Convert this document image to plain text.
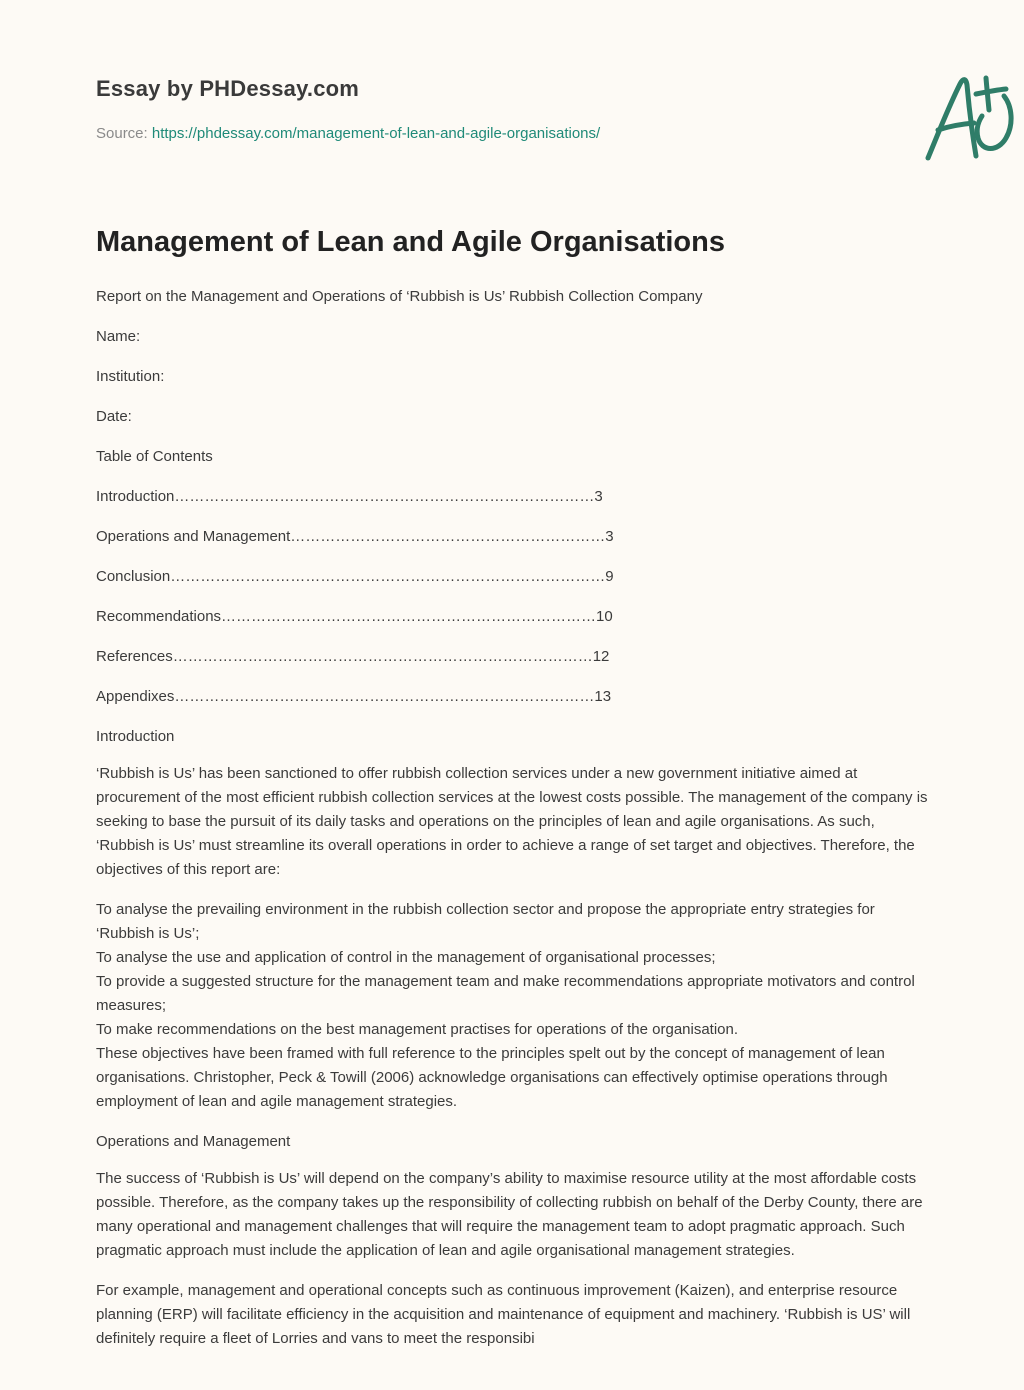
Essay by PHDessay.com
Source: https://phdessay.com/management-of-lean-and-agile-organisations/
Management of Lean and Agile Organisations

Report on the Management and Operations of ‘Rubbish is Us’ Rubbish Collection Company

Name:

Institution:

Date:

Table of Contents

Introduction…………………………………………………………………………3

Operations and Management………………………………………………………3

Conclusion……………………………………………………………………………9

Recommendations…………………………………………………………………10

References…………………………………………………………………………12

Appendixes…………………………………………………………………………13

Introduction

‘Rubbish is Us’ has been sanctioned to offer rubbish collection services under a new government initiative aimed at procurement of the most efficient rubbish collection services at the lowest costs possible. The management of the company is seeking to base the pursuit of its daily tasks and operations on the principles of lean and agile organisations. As such, ‘Rubbish is Us’ must streamline its overall operations in order to achieve a range of set target and objectives. Therefore, the objectives of this report are:

To analyse the prevailing environment in the rubbish collection sector and propose the appropriate entry strategies for ‘Rubbish is Us’;
To analyse the use and application of control in the management of organisational processes;
To provide a suggested structure for the management team and make recommendations appropriate motivators and control measures;
To make recommendations on the best management practises for operations of the organisation.
These objectives have been framed with full reference to the principles spelt out by the concept of management of lean organisations. Christopher, Peck & Towill (2006) acknowledge organisations can effectively optimise operations through employment of lean and agile management strategies.

Operations and Management

The success of ‘Rubbish is Us’ will depend on the company’s ability to maximise resource utility at the most affordable costs possible. Therefore, as the company takes up the responsibility of collecting rubbish on behalf of the Derby County, there are many operational and management challenges that will require the management team to adopt pragmatic approach. Such pragmatic approach must include the application of lean and agile organisational management strategies.

For example, management and operational concepts such as continuous improvement (Kaizen), and enterprise resource planning (ERP) will facilitate efficiency in the acquisition and maintenance of equipment and machinery. ‘Rubbish is US’ will definitely require a fleet of Lorries and vans to meet the responsibi
